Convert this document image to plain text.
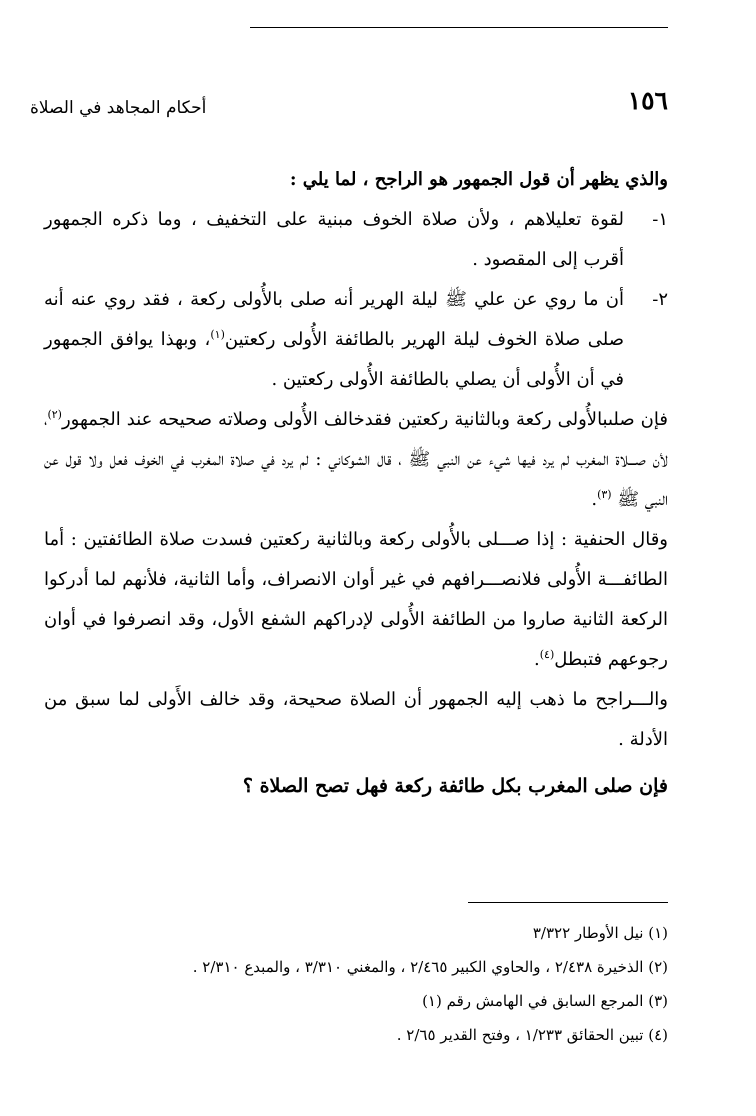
١٥٦
أحكام المجاهد في الصلاة

والذي يظهر أن قول الجمهور هو الراجح ، لما يلي :

١-
لقوة تعليلاهم ، ولأن صلاة الخوف مبنية على التخفيف ، وما ذكره الجمهور أقرب إلى المقصود .

٢-
أن ما روي عن علي ﷺ ليلة الهرير أنه صلى بالأُولى ركعة ، فقد روي عنه أنه صلى صلاة الخوف ليلة الهرير بالطائفة الأُولى ركعتين$^{(١)}$، وبهذا يوافق الجمهور في أن الأُولى أن يصلي بالطائفة الأُولى ركعتين .

فإن صلىبالأُولى ركعة وبالثانية ركعتين فقدخالف الأُولى وصلاته صحيحه عند الجمهور$^{(٢)}$، لأن صـــلاة المغرب لم يرد فيها شيء عن النبي ﷺ ، قال الشوكاني : لم يرد في صلاة المغرب في الخوف فعل ولا قول عن النبي ﷺ $^{(٣)}$.

وقال الحنفية : إذا صـــلى بالأُولى ركعة وبالثانية ركعتين فسدت صلاة الطائفتين : أما الطائفـــة الأُولى فلانصـــرافهم في غير أوان الانصراف، وأما الثانية، فلأنهم لما أدركوا الركعة الثانية صاروا من الطائفة الأُولى لإدراكهم الشفع الأول، وقد انصرفوا في أوان رجوعهم فتبطل$^{(٤)}$.

والـــراجح ما ذهب إليه الجمهور أن الصلاة صحيحة، وقد خالف الأَولى لما سبق من الأدلة .

فإن صلى المغرب بكل طائفة ركعة فهل تصح الصلاة ؟

(١) نيل الأوطار ٣/٣٢٢
(٢) الذخيرة ٢/٤٣٨ ، والحاوي الكبير ٢/٤٦٥ ، والمغني ٣/٣١٠ ، والمبدع ٢/٣١٠ .
(٣) المرجع السابق في الهامش رقم (١)
(٤) تبين الحقائق ١/٢٣٣ ، وفتح القدير ٢/٦٥ .
